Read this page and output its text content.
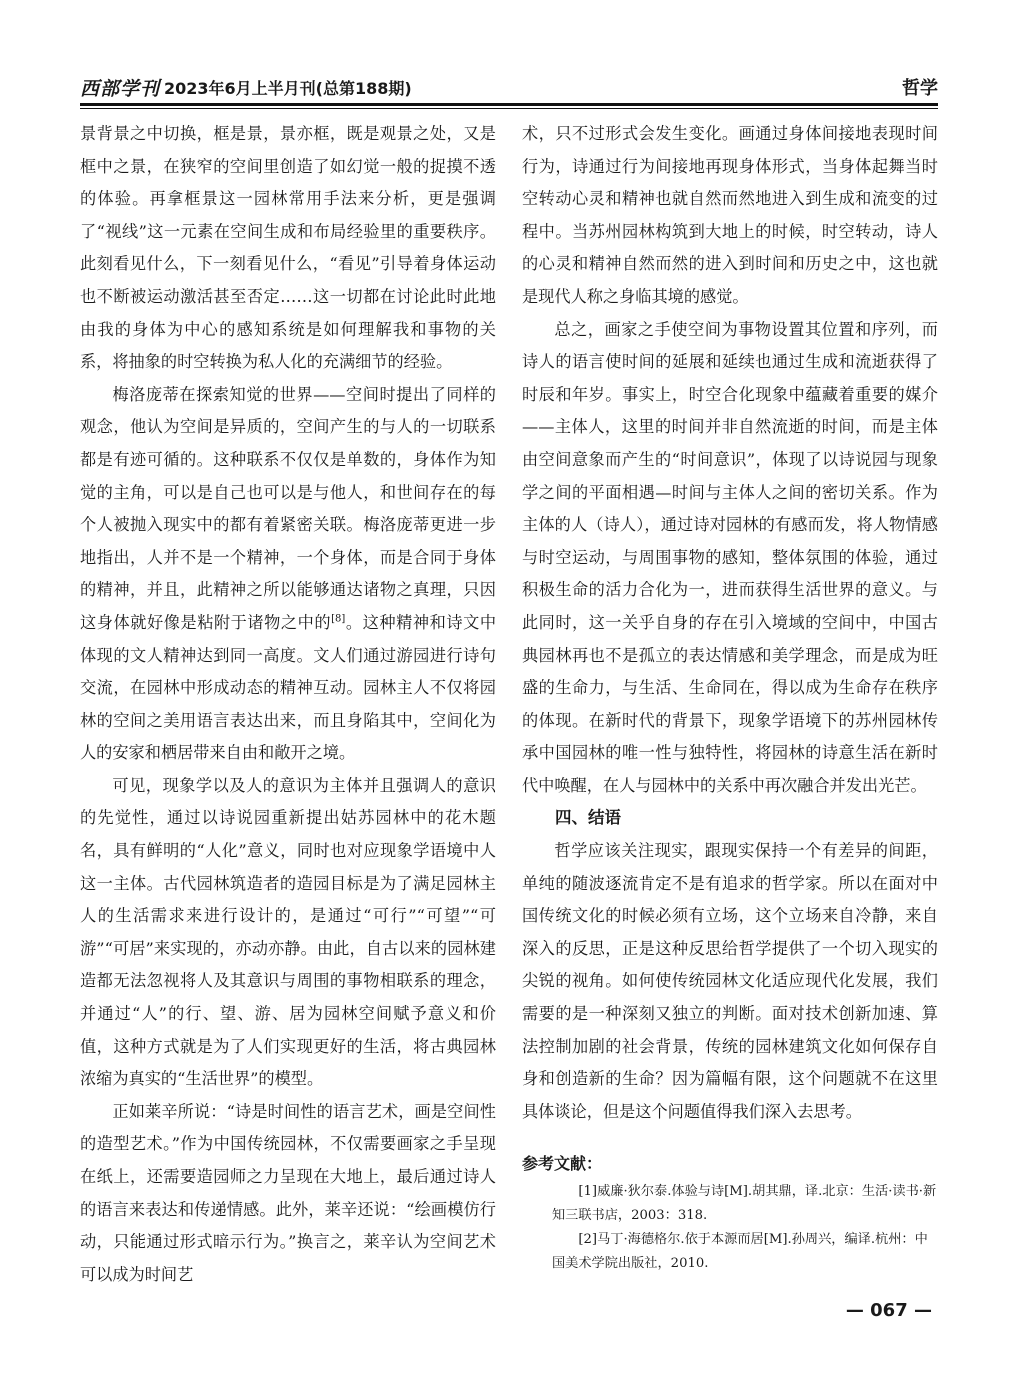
西部学刊 2023年6月上半月刊(总第188期)	哲学

景背景之中切换，框是景，景亦框，既是观景之处，又是框中之景，在狭窄的空间里创造了如幻觉一般的捉摸不透的体验。再拿框景这一园林常用手法来分析，更是强调了“视线”这一元素在空间生成和布局经验里的重要秩序。此刻看见什么，下一刻看见什么，“看见”引导着身体运动也不断被运动激活甚至否定……这一切都在讨论此时此地由我的身体为中心的感知系统是如何理解我和事物的关系，将抽象的时空转换为私人化的充满细节的经验。

梅洛庞蒂在探索知觉的世界——空间时提出了同样的观念，他认为空间是异质的，空间产生的与人的一切联系都是有迹可循的。这种联系不仅仅是单数的，身体作为知觉的主角，可以是自己也可以是与他人，和世间存在的每个人被抛入现实中的都有着紧密关联。梅洛庞蒂更进一步地指出，人并不是一个精神，一个身体，而是合同于身体的精神，并且，此精神之所以能够通达诸物之真理，只因这身体就好像是粘附于诸物之中的[8]。这种精神和诗文中体现的文人精神达到同一高度。文人们通过游园进行诗句交流，在园林中形成动态的精神互动。园林主人不仅将园林的空间之美用语言表达出来，而且身陷其中，空间化为人的安家和栖居带来自由和敞开之境。

可见，现象学以及人的意识为主体并且强调人的意识的先觉性，通过以诗说园重新提出姑苏园林中的花木题名，具有鲜明的“人化”意义，同时也对应现象学语境中人这一主体。古代园林筑造者的造园目标是为了满足园林主人的生活需求来进行设计的，是通过“可行”“可望”“可游”“可居”来实现的，亦动亦静。由此，自古以来的园林建造都无法忽视将人及其意识与周围的事物相联系的理念，并通过“人”的行、望、游、居为园林空间赋予意义和价值，这种方式就是为了人们实现更好的生活，将古典园林浓缩为真实的“生活世界”的模型。

正如莱辛所说：“诗是时间性的语言艺术，画是空间性的造型艺术。”作为中国传统园林，不仅需要画家之手呈现在纸上，还需要造园师之力呈现在大地上，最后通过诗人的语言来表达和传递情感。此外，莱辛还说：“绘画模仿行动，只能通过形式暗示行为。”换言之，莱辛认为空间艺术可以成为时间艺

术，只不过形式会发生变化。画通过身体间接地表现时间行为，诗通过行为间接地再现身体形式，当身体起舞当时空转动心灵和精神也就自然而然地进入到生成和流变的过程中。当苏州园林构筑到大地上的时候，时空转动，诗人的心灵和精神自然而然的进入到时间和历史之中，这也就是现代人称之身临其境的感觉。

总之，画家之手使空间为事物设置其位置和序列，而诗人的语言使时间的延展和延续也通过生成和流逝获得了时辰和年岁。事实上，时空合化现象中蕴藏着重要的媒介——主体人，这里的时间并非自然流逝的时间，而是主体由空间意象而产生的“时间意识”，体现了以诗说园与现象学之间的平面相遇—时间与主体人之间的密切关系。作为主体的人（诗人），通过诗对园林的有感而发，将人物情感与时空运动，与周围事物的感知，整体氛围的体验，通过积极生命的活力合化为一，进而获得生活世界的意义。与此同时，这一关乎自身的存在引入境域的空间中，中国古典园林再也不是孤立的表达情感和美学理念，而是成为旺盛的生命力，与生活、生命同在，得以成为生命存在秩序的体现。在新时代的背景下，现象学语境下的苏州园林传承中国园林的唯一性与独特性，将园林的诗意生活在新时代中唤醒，在人与园林中的关系中再次融合并发出光芒。

四、结语

哲学应该关注现实，跟现实保持一个有差异的间距，单纯的随波逐流肯定不是有追求的哲学家。所以在面对中国传统文化的时候必须有立场，这个立场来自冷静，来自深入的反思，正是这种反思给哲学提供了一个切入现实的尖锐的视角。如何使传统园林文化适应现代化发展，我们需要的是一种深刻又独立的判断。面对技术创新加速、算法控制加剧的社会背景，传统的园林建筑文化如何保存自身和创造新的生命？因为篇幅有限，这个问题就不在这里具体谈论，但是这个问题值得我们深入去思考。

参考文献：

[1]威廉·狄尔泰.体验与诗[M].胡其鼎，译.北京：生活·读书·新知三联书店，2003：318.

[2]马丁·海德格尔.依于本源而居[M].孙周兴，编译.杭州：中国美术学院出版社，2010.

— 067 —
